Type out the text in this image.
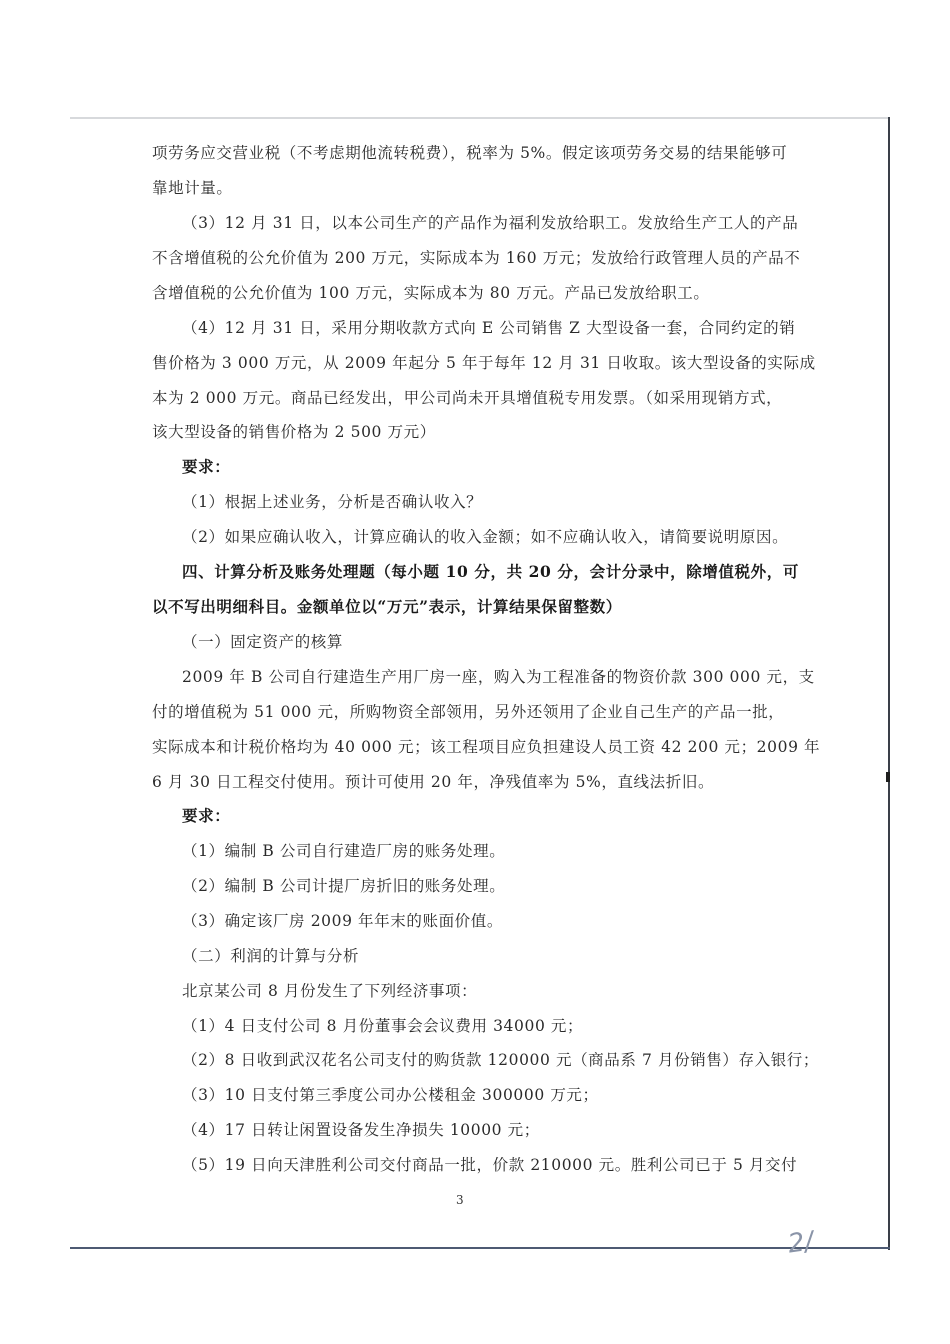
项劳务应交营业税（不考虑期他流转税费），税率为 5%。假定该项劳务交易的结果能够可
靠地计量。
（3）12 月 31 日，以本公司生产的产品作为福利发放给职工。发放给生产工人的产品
不含增值税的公允价值为 200 万元，实际成本为 160 万元；发放给行政管理人员的产品不
含增值税的公允价值为 100 万元，实际成本为 80 万元。产品已发放给职工。
（4）12 月 31 日，采用分期收款方式向 E 公司销售 Z 大型设备一套，合同约定的销
售价格为 3 000 万元，从 2009 年起分 5 年于每年 12 月 31 日收取。该大型设备的实际成
本为 2 000 万元。商品已经发出，甲公司尚未开具增值税专用发票。（如采用现销方式，
该大型设备的销售价格为 2 500 万元）
要求：
（1）根据上述业务，分析是否确认收入？
（2）如果应确认收入，计算应确认的收入金额；如不应确认收入，请简要说明原因。
四、计算分析及账务处理题（每小题 10 分，共 20 分，会计分录中，除增值税外，可
以不写出明细科目。金额单位以“万元”表示，计算结果保留整数）
（一）固定资产的核算
2009 年 B 公司自行建造生产用厂房一座，购入为工程准备的物资价款 300 000 元，支
付的增值税为 51 000 元，所购物资全部领用，另外还领用了企业自己生产的产品一批，
实际成本和计税价格均为 40 000 元；该工程项目应负担建设人员工资 42 200 元；2009 年
6 月 30 日工程交付使用。预计可使用 20 年，净残值率为 5%，直线法折旧。
要求：
（1）编制 B 公司自行建造厂房的账务处理。
（2）编制 B 公司计提厂房折旧的账务处理。
（3）确定该厂房 2009 年年末的账面价值。
（二）利润的计算与分析
北京某公司 8 月份发生了下列经济事项：
（1）4 日支付公司 8 月份董事会会议费用 34000 元；
（2）8 日收到武汉花名公司支付的购货款 120000 元（商品系 7 月份销售）存入银行；
（3）10 日支付第三季度公司办公楼租金 300000 万元；
（4）17 日转让闲置设备发生净损失 10000 元；
（5）19 日向天津胜利公司交付商品一批，价款 210000 元。胜利公司已于 5 月交付
3
2/
